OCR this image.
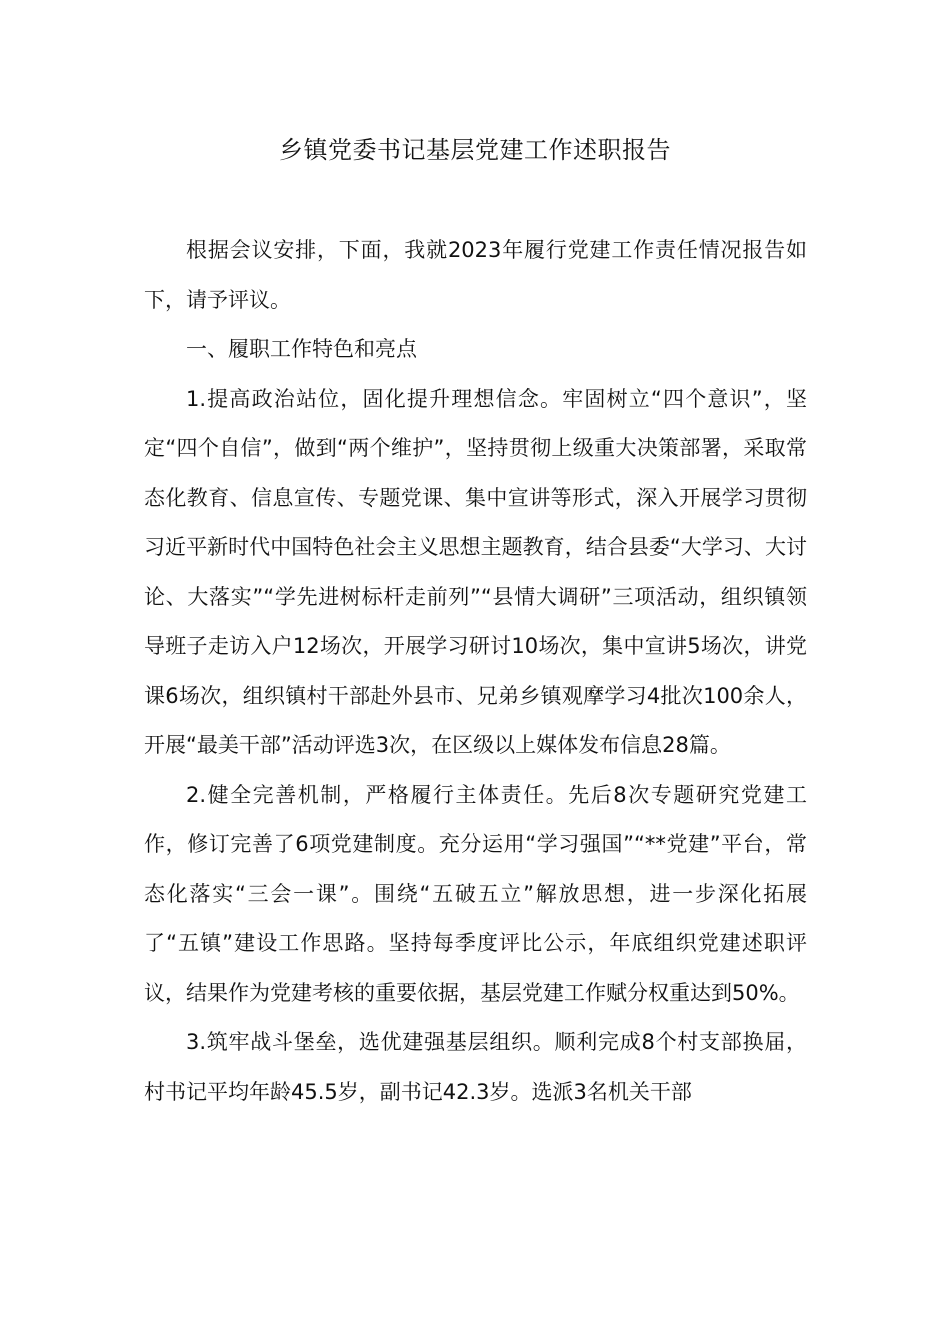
乡镇党委书记基层党建工作述职报告

根据会议安排，下面，我就2023年履行党建工作责任情况报告如下，请予评议。

一、履职工作特色和亮点

1.提高政治站位，固化提升理想信念。牢固树立“四个意识”，坚定“四个自信”，做到“两个维护”，坚持贯彻上级重大决策部署，采取常态化教育、信息宣传、专题党课、集中宣讲等形式，深入开展学习贯彻习近平新时代中国特色社会主义思想主题教育，结合县委“大学习、大讨论、大落实”“学先进树标杆走前列”“县情大调研”三项活动，组织镇领导班子走访入户12场次，开展学习研讨10场次，集中宣讲5场次，讲党课6场次，组织镇村干部赴外县市、兄弟乡镇观摩学习4批次100余人，开展“最美干部”活动评选3次，在区级以上媒体发布信息28篇。

2.健全完善机制，严格履行主体责任。先后8次专题研究党建工作，修订完善了6项党建制度。充分运用“学习强国”“**党建”平台，常态化落实“三会一课”。围绕“五破五立”解放思想，进一步深化拓展了“五镇”建设工作思路。坚持每季度评比公示，年底组织党建述职评议，结果作为党建考核的重要依据，基层党建工作赋分权重达到50%。

3.筑牢战斗堡垒，选优建强基层组织。顺利完成8个村支部换届，村书记平均年龄45.5岁，副书记42.3岁。选派3名机关干部
